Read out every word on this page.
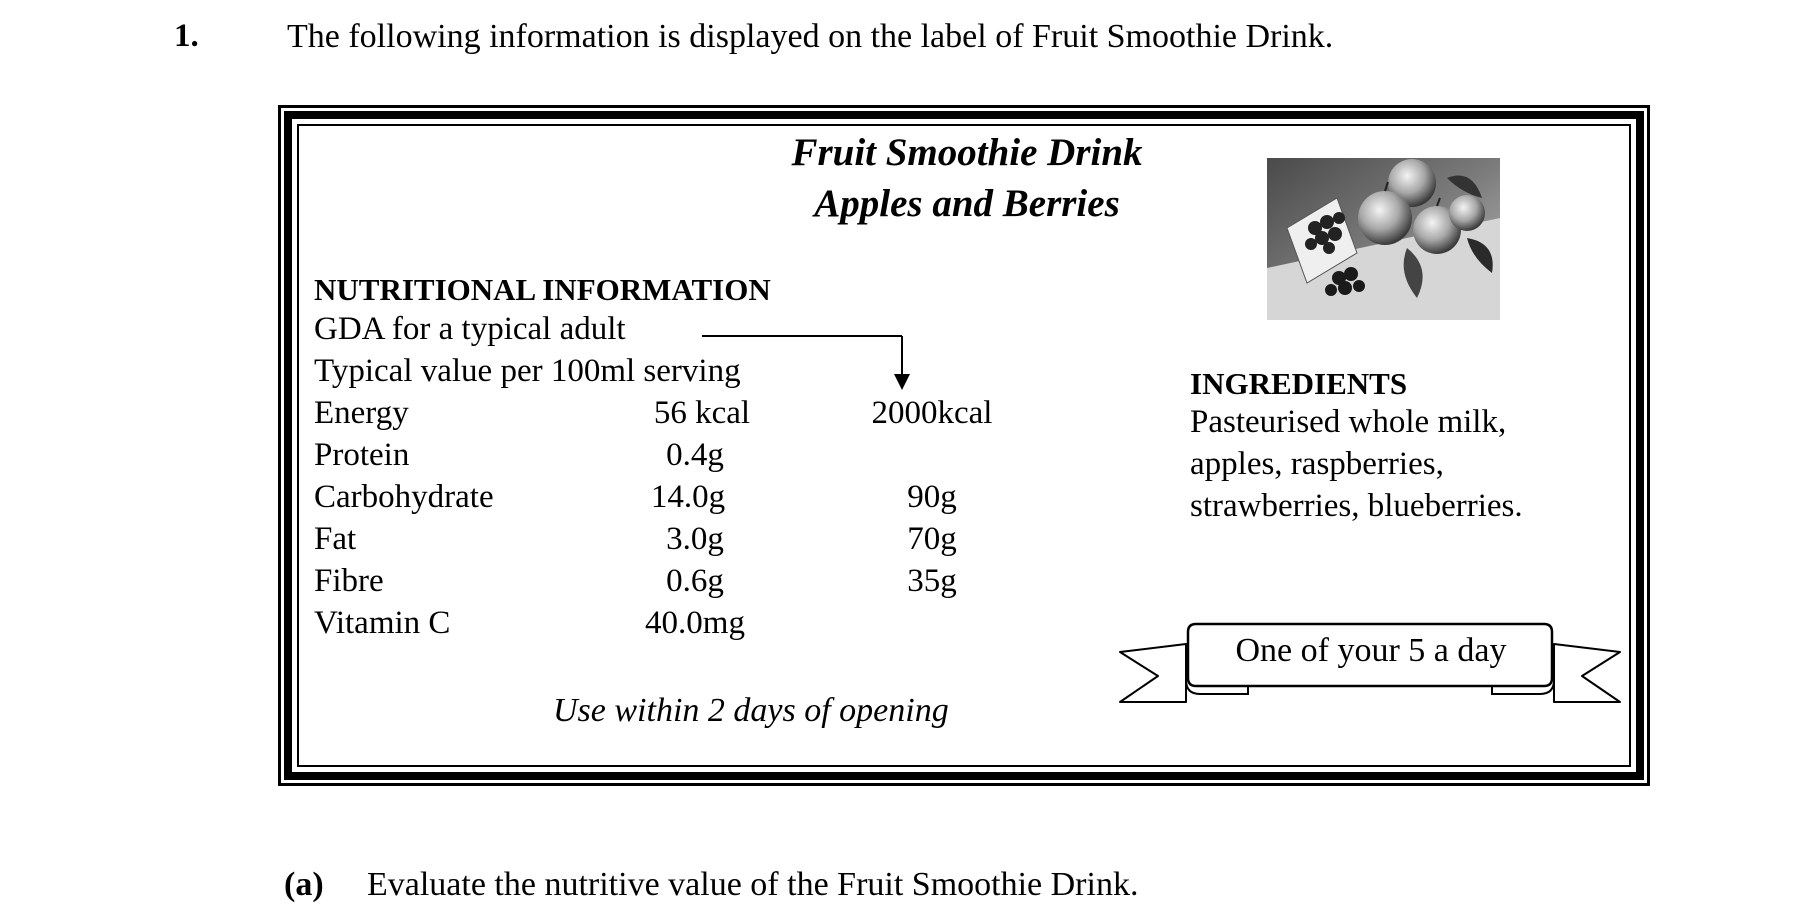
1.	The following information is displayed on the label of Fruit Smoothie Drink.
Fruit Smoothie Drink
Apples and Berries
NUTRITIONAL INFORMATION
GDA for a typical adult
Typical value per 100ml serving
Energy	56 kcal	2000kcal
Protein	0.4g
Carbohydrate	14.0g	90g
Fat	3.0g	70g
Fibre	0.6g	35g
Vitamin C	40.0mg
INGREDIENTS
Pasteurised whole milk,
apples, raspberries,
strawberries, blueberries.
One of your 5 a day
Use within 2 days of opening
(a) Evaluate the nutritive value of the Fruit Smoothie Drink.
